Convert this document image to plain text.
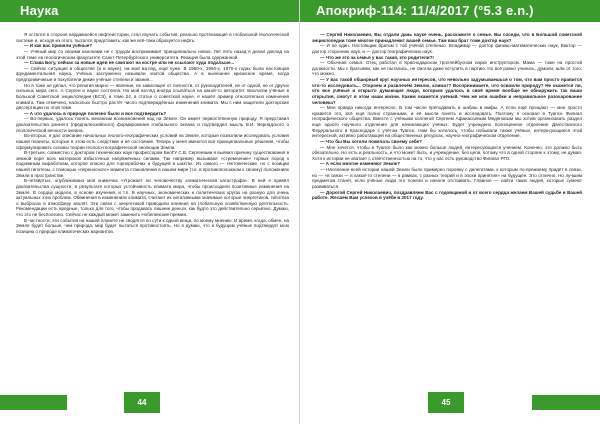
Наука

Я остался в стороне наудавшейся нефтеистории, стал изучать события, реально протекающие в глобальной геологической системе и, исходя из этого, пытался представить: как же всё-таки образуется нефть.

— И как вас приняли учёные?

— Учёный мир со своими канонами не с трудом воспринимает принципиально новое. Лет пять назад я делал доклад на этой теме на геологическом факультете Санкт-Петербургского университета. Реакция была сдержанной.

— Слава Богу, сейчас за новые идеи не сжигают на костре или не ссылают куда подальше...

— Сейчас ситуация в обществе (и в науке), на мой взгляд, ещё хуже. В 1950-х, 1960-х, 1970-х годах была настоящая фундаментальная наука. Учёных заслуженно называли элитой общества. А в нынешнее кризисное время, когда предприимчивые и покупатели дикие учёные степени и звания...

Но я тоже не делал, что религия мирно — явление, не зависящее от личности, от руководителей, не от одной, не от других сильных мира сего. А Сергеи и науке состояла. На мой взгляд иногда ссылаться на какой-то авторитет. Биологии учёные в Большой Советской энциклопедии (БСЭ), в томе 24, в статье о советской науке, я нашёл пример относительно изменения климата. Там отмечено, насколько быстро растёт число подтверждённых изменений климата. Мы с ним защитили докторские диссертации по этой теме.

— А что удалось в природе полезно было и все подтвердить?

— Во-первых, удалось понять механизм возникновения вод на Земле. Он имеет первостепенную природу. Я представил доказательства раннего (предпалеозойского) формирования глобального океана и подтвердил мысль В.И. Вернадского о геологической вечности океана.

Во-вторых, я дал описание начальных геолого-географических условий на Земле, которые позволили исследовать условия нашей планеты, которые в этом есть следствие и её состояние. Теперь у меня имеются все принципиальные решения, чтобы сформулировать основы теории геолого-географической эволюции Земли.

В-третьих, совместно с доктором технических наук профессором БелГУ С.В. Сергеевым я выявил причину существования в земной коре всех материков избыточных напряжённых силами. Так например вызывают «стремление» горных пород к подземным выработкам, которое опасно для горнорабочих и будущей в шахтах. Из самого — тектонические, но с позиции нашей гипотезы, с помощью «переносного» момента становления в нашем мире (т.е. в противоположном к своему) положениях Земли в пространстве.

В-четвёртых, опубликована моя книжечка «Угрожает ли человечеству климатическая катастрофа». В ней я привёл доказательства сущности, в результате которых устойчивость климата мира, чтобы происходили позитивные изменения на Земле. В сердце модели, в основе изучения, и т.п. В научных, экономических и политических кругах на разную для очень актуальных этих проблем. Обвинения в изменениях климата, считают их негативными значимые которые энергетиков, гипотеза о выбросах в атмосферу зволят. Эти связи с энергетикой приводили влияния на глобальную хозяйственную деятельность. Рекомендации есть вредные, только для того, чтобы продавать лишние деньги, как будто это действительно серьёзно. Думаю, что это не бесполезно. Сейчас не каждый может заменить Нобелевские премии.

В частности, эти события на нашей планете не сводятся по сути к одной вещи, по моему мнению. И время, когда, обмен, на Земле будет больше, чем природа, мир будет пытаться противостоять. Но я думаю, что в будущем учёные подтвердят мою позицию о природе климатических вариантов.

44
Апокриф-114: 11/4/2017 (°5.3 e.n.)

— Сергей Николаевич, Вы отдали дань науке очень. расскажите о семье. Вы соседи, что в Большой советской энциклопедии тоже многое принадлежит вашей семье. Там ваш брат тоже доктор наук?

— И не один. Настоящим братом с той учёной степенью. Владимир — доктор физико-математических наук, Виктор — доктор сторонних наук, и — доктор географических наук.

— Что же это за семья у вас такая, кто родители?!

— Обычная семья. Отец работал в Краснодарском троллейбусном парке инструктором. Мама — тоже на простой должности. Мы с братьями, как не пытались, не смогли даже вступить в партию. Но всё равно учились, думали, шли от того, что можно.

— У вас такой обширный круг научных интересов, что невольно задумываешься о том, что вам просто нравится что-то исследовать... Откроем и развлечём Землю, климат? Воспринимаете, что освоили природу? Не окажется ли, что все учёные и открыто думающие люди, которым удалось в своё время вообще не обнаружить так ваши открытия, смогут в этом наши жизни. Каким окажется учёный. Чем же или ошибки и неправильное разочарование человека?

— Мне правда никогда интересно. В том числе преподавать и шабаш в мифы. А если ещё прощают — мне просто нравится это, всё ещё полно странными, и её мысли понять и исследовать. Поэтому я основал в Туапсе Филиал географического общества. Вместе с учёными коллегой Сергеем Афанасьевым Медяновым мы хотим организовать раздел ещё одного научного отделения для начинающих учёных. Будет учреждено полноценное отделение Дагестанского Федерального в Краснодаре с учётом Туапсе. Нам бы хотелось, чтобы побывали также учёные, интересующиеся этой интересной, активно работающей на общественных ресурсах, научно-географическом отделение.

— Что бы Вы хотели пожелать своему себе?

— Мне хочется, чтобы в Туапсе было как можно больше людей, интересующихся учением. Конечно, это должно быть обязательно. Но есть и реальность, и что может быть, и учреждение, без цели, потому что в одной стороне к этому, не думая. Хотя к истории не хватает с ответственностью на то, что у нас есть руководство Филиал РГО.

— А если многие изменяют Земле?

— Население всей истории нашей Земли было примерно поровну с делегатами, к которым по-прежнему придёт в связи, но — «в связи — в какой-то степени — в рамках, с разных теорий и в эпохи принятия» на будущее. Это отлично. Но лучшим предметом станет, если учёные люди это поняли и начали отстаивать. Главное — найти таких людей, которые сумеют развиваться.

— Дорогой Сергей Николаевич, поздравляем Вас с годовщиной и от всего сердца желаем Вашей судьбе и Вашей работе. Желаем Вам успехов в учёбе в 2017 году.

45
